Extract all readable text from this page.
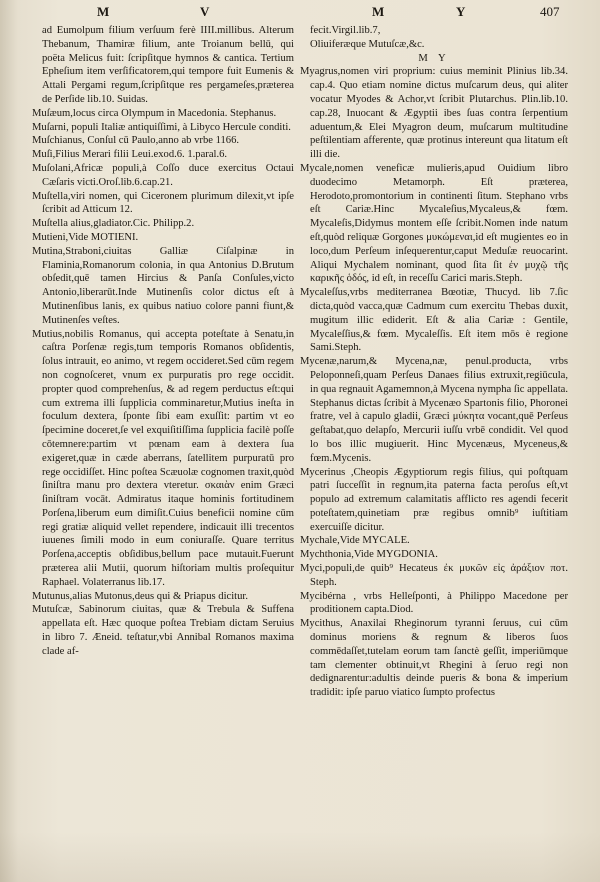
M	V	M	Y	407

ad Eumolpum filium verſuum ferè IIII.millibus. Alterum Thebanum, Thamiræ filium, ante Troianum bellū, qui poëta Melicus fuit: ſcripſitque hymnos & cantica. Tertium Epheſium item verſificatorem,qui tempore fuit Eumenis & Attali Pergami regum,ſcripſitque res pergameſes,præterea de Perſide lib.10. Suidas.

Muſæum,locus circa Olympum in Macedonia. Stephanus.

Muſarni, populi Italiæ antiquiſſimi, à Libyco Hercule conditi.

Muſchianus, Conſul cū Paulo,anno ab vrbe 1166.

Muſi,Filius Merari filii Leui.exod.6. 1.paral.6.

Muſolani,Africæ populi,à Coſſo duce exercitus Octaui Cæſaris victi.Oroſ.lib.6.cap.21.

Muſtella,viri nomen, qui Ciceronem plurimum dilexit,vt ipſe ſcribit ad Atticum 12.

Muſtella alius,gladiator.Cic. Philipp.2.

Mutieni,Vide MOTIENI.

Mutina,Straboni,ciuitas Galliæ Ciſalpinæ in Flaminia,Romanorum colonia, in qua Antonius D.Brutum obſedit,quē tamen Hircius & Panſa Conſules,victo Antonio,liberarūt.Inde Mutinenſis color dictus eſt à Mutinenſibus lanis, ex quibus natiuo colore panni fiunt,& Mutinenſes veſtes.

Mutius,nobilis Romanus, qui accepta poteſtate à Senatu,in caſtra Porſenæ regis,tum temporis Romanos obſidentis, ſolus intrauit, eo animo, vt regem occideret.Sed cūm regem non cognoſceret, vnum ex purpuratis pro rege occidit. propter quod comprehenſus, & ad regem perductus eſt:qui cum extrema illi ſupplicia comminaretur,Mutius ineſta in foculum dextera, ſponte ſibi eam exuſſit: partim vt eo ſpecimine doceret,ſe vel exquiſitiſſima ſupplicia facilè poſſe cōtemnere:partim vt pœnam eam à dextera ſua exigeret,quæ in cæde aberrans, ſatellitem purpuratū pro rege occidiſſet. Hinc poſtea Scæuolæ cognomen traxit,quòd ſiniſtra manu pro dextera vteretur. σκαιὰν enim Græci ſiniſtram vocāt. Admiratus itaque hominis fortitudinem Porſena,liberum eum dimiſit.Cuius beneficii nomine cūm regi gratiæ aliquid vellet rependere, indicauit illi trecentos iuuenes ſimili modo in eum coniuraſſe. Quare territus Porſena,acceptis obſidibus,bellum pace mutauit.Fuerunt præterea alii Mutii, quorum hiſtoriam multis proſequitur Raphael. Volaterranus lib.17.

Mutunus,alias Mutonus,deus qui & Priapus dicitur.

Mutuſcæ, Sabinorum ciuitas, quæ & Trebula & Suffena appellata eſt. Hæc quoque poſtea Trebiam dictam Seruius in libro 7. Æneid. teſtatur,vbi Annibal Romanos maxima clade af-

fecit.Virgil.lib.7,

Oliuiferæque Mutuſcæ,&c.

M Y

Myagrus,nomen viri proprium: cuius meminit Plinius lib.34. cap.4. Quo etiam nomine dictus muſcarum deus, qui aliter vocatur Myodes & Achor,vt ſcribit Plutarchus. Plin.lib.10. cap.28, Inuocant & Ægyptii ibes ſuas contra ſerpentium aduentum,& Elei Myagron deum, muſcarum multitudine peſtilentiam afferente, quæ protinus intereunt qua litatum eſt illi die.

Mycale,nomen veneficæ mulieris,apud Ouidium libro duodecimo Metamorph. Eſt præterea, Herodoto,promontorium in continenti ſitum. Stephano vrbs eſt Cariæ.Hinc Mycaleſius,Mycaleus,& fœm. Mycaleſis,Didymus montem eſſe ſcribit.Nomen inde natum eſt,quòd reliquæ Gorgones μυκώμεναι,id eſt mugientes eo in loco,dum Perſeum inſequerentur,caput Meduſæ reuocarint. Aliqui Mychalem nominant, quod ſita ſit ἐν μυχῷ τῆς καρικῆς ὁδός, id eſt, in receſſu Carici maris.Steph.

Mycaleſſus,vrbs mediterranea Bœotiæ, Thucyd. lib 7.ſic dicta,quòd vacca,quæ Cadmum cum exercitu Thebas duxit, mugitum illic ediderit. Eſt & alia Cariæ : Gentile, Mycaleſſius,& fœm. Mycaleſſis. Eſt item mōs è regione Sami.Steph.

Mycenæ,narum,& Mycena,næ, penul.producta, vrbs Peloponneſi,quam Perſeus Danaes filius extruxit,regiūcula, in qua regnauit Agamemnon,à Mycena nympha ſic appellata. Stephanus dictas ſcribit à Mycenæo Spartonis filio, Phoronei fratre, vel à capulo gladii, Græci μύκητα vocant,quē Perſeus geſtabat,quo delapſo, Mercurii iuſſu vrbē condidit. Vel quod lo bos illic mugiuerit. Hinc Mycenæus, Myceneus,& fœm.Mycenis.

Mycerinus ,Cheopis Ægyptiorum regis filius, qui poſtquam patri ſucceſſit in regnum,ita paterna facta peroſus eſt,vt populo ad extremum calamitatis afflicto res agendi fecerit poteſtatem,quinetiam præ regibus omnib⁹ iuſtitiam exercuiſſe dicitur.

Mychale,Vide MYCALE.

Mychthonia,Vide MYGDONIA.

Myci,populi,de quib⁹ Hecateus ἐκ μυκῶν εἰς ἀράξιον ποτ. Steph.

Mycibérna , vrbs Helleſponti, à Philippo Macedone per proditionem capta.Diod.

Mycithus, Anaxilai Rheginorum tyranni ſeruus, cui cūm dominus moriens & regnum & liberos ſuos commēdaſſet,tutelam eorum tam ſanctè geſſit, imperiūmque tam clementer obtinuit,vt Rhegini à ſeruo regi non dedignarentur:adultis deinde pueris & bona & imperium tradidit: ipſe paruo viatico ſumpto profectus
